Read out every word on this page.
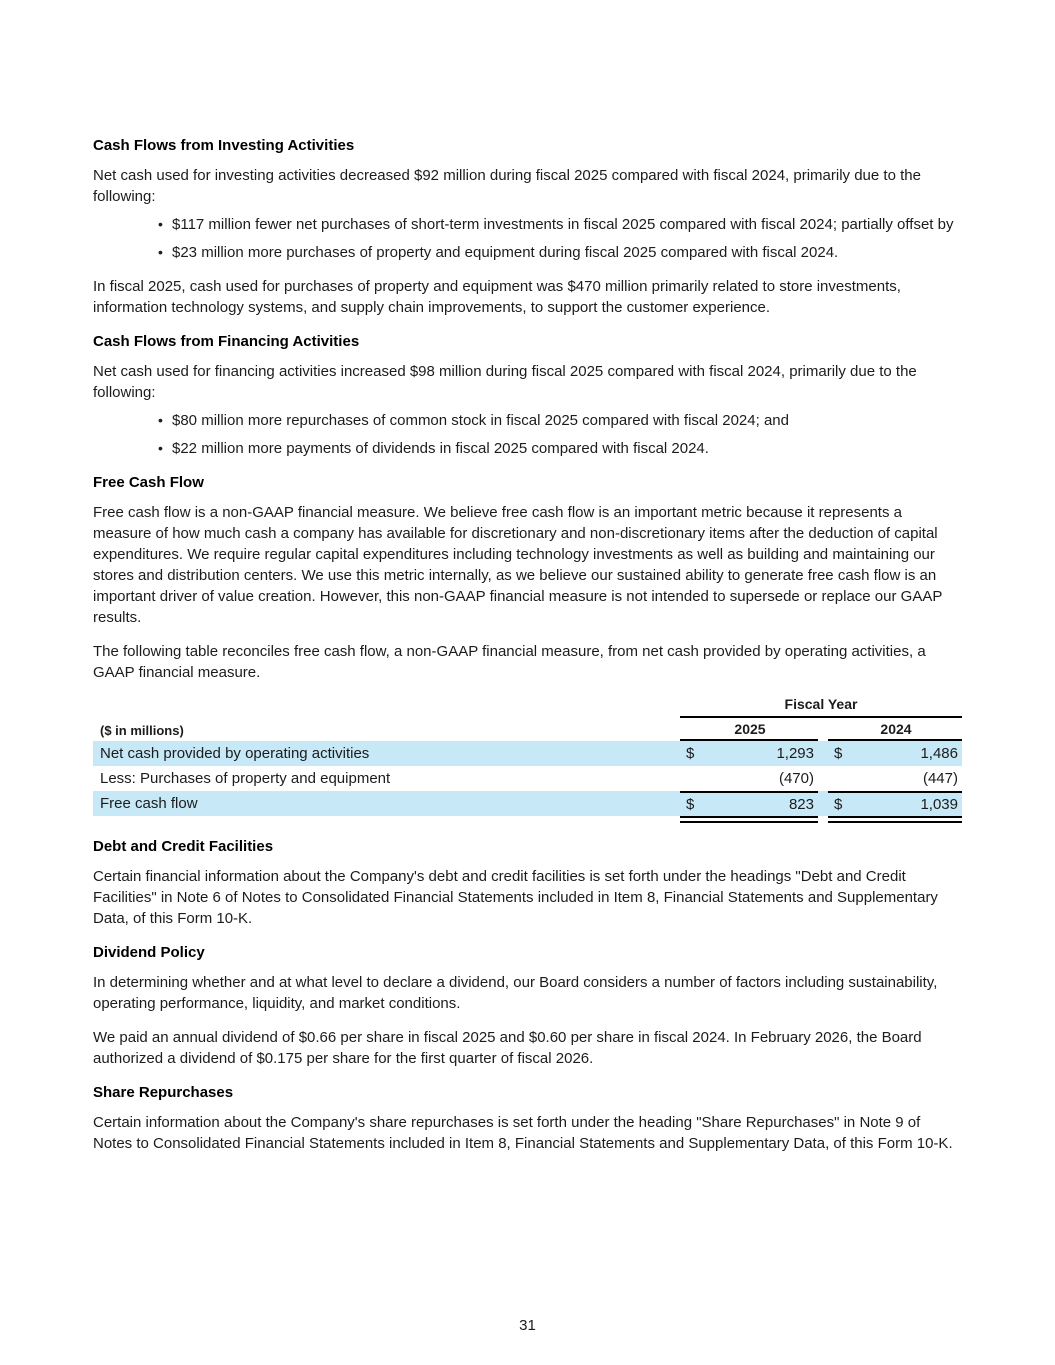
Cash Flows from Investing Activities

Net cash used for investing activities decreased $92 million during fiscal 2025 compared with fiscal 2024, primarily due to the following:

• $117 million fewer net purchases of short-term investments in fiscal 2025 compared with fiscal 2024; partially offset by
• $23 million more purchases of property and equipment during fiscal 2025 compared with fiscal 2024.

In fiscal 2025, cash used for purchases of property and equipment was $470 million primarily related to store investments, information technology systems, and supply chain improvements, to support the customer experience.

Cash Flows from Financing Activities

Net cash used for financing activities increased $98 million during fiscal 2025 compared with fiscal 2024, primarily due to the following:

• $80 million more repurchases of common stock in fiscal 2025 compared with fiscal 2024; and
• $22 million more payments of dividends in fiscal 2025 compared with fiscal 2024.
Free Cash Flow

Free cash flow is a non-GAAP financial measure. We believe free cash flow is an important metric because it represents a measure of how much cash a company has available for discretionary and non-discretionary items after the deduction of capital expenditures. We require regular capital expenditures including technology investments as well as building and maintaining our stores and distribution centers. We use this metric internally, as we believe our sustained ability to generate free cash flow is an important driver of value creation. However, this non-GAAP financial measure is not intended to supersede or replace our GAAP results.

The following table reconciles free cash flow, a non-GAAP financial measure, from net cash provided by operating activities, a GAAP financial measure.

Fiscal Year
($ in millions)	2025	2024
Net cash provided by operating activities	$	1,293 $	1,486
Less: Purchases of property and equipment	(470)	(447)
Free cash flow	$	823 $	1,039
Debt and Credit Facilities

Certain financial information about the Company's debt and credit facilities is set forth under the headings "Debt and Credit Facilities" in Note 6 of Notes to Consolidated Financial Statements included in Item 8, Financial Statements and Supplementary Data, of this Form 10-K.

Dividend Policy

In determining whether and at what level to declare a dividend, our Board considers a number of factors including sustainability, operating performance, liquidity, and market conditions.

We paid an annual dividend of $0.66 per share in fiscal 2025 and $0.60 per share in fiscal 2024. In February 2026, the Board authorized a dividend of $0.175 per share for the first quarter of fiscal 2026.

Share Repurchases

Certain information about the Company's share repurchases is set forth under the heading "Share Repurchases" in Note 9 of Notes to Consolidated Financial Statements included in Item 8, Financial Statements and Supplementary Data, of this Form 10-K.

31
